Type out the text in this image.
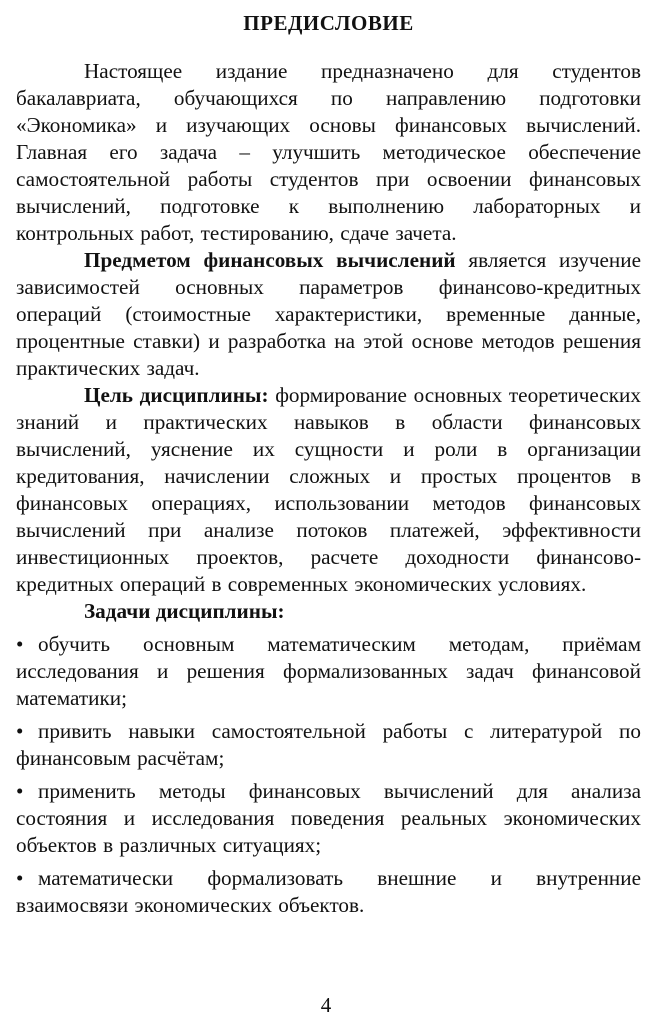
ПРЕДИСЛОВИЕ

Настоящее издание предназначено для студентов бакалавриата, обучающихся по направлению подготовки «Экономика» и изучающих основы финансовых вычислений. Главная его задача – улучшить методическое обеспечение самостоятельной работы студентов при освоении финансовых вычислений, подготовке к выполнению лабораторных и контрольных работ, тестированию, сдаче зачета.

Предметом финансовых вычислений является изучение зависимостей основных параметров финансово-кредитных операций (стоимостные характеристики, временные данные, процентные ставки) и разработка на этой основе методов решения практических задач.

Цель дисциплины: формирование основных теоретических знаний и практических навыков в области финансовых вычислений, уяснение их сущности и роли в организации кредитования, начислении сложных и простых процентов в финансовых операциях, использовании методов финансовых вычислений при анализе потоков платежей, эффективности инвестиционных проектов, расчете доходности финансово-кредитных операций в современных экономических условиях.

Задачи дисциплины:
• обучить основным математическим методам, приёмам исследования и решения формализованных задач финансовой математики;
• привить навыки самостоятельной работы с литературой по финансовым расчётам;
• применить методы финансовых вычислений для анализа состояния и исследования поведения реальных экономических объектов в различных ситуациях;
• математически формализовать внешние и внутренние взаимосвязи экономических объектов.
4
